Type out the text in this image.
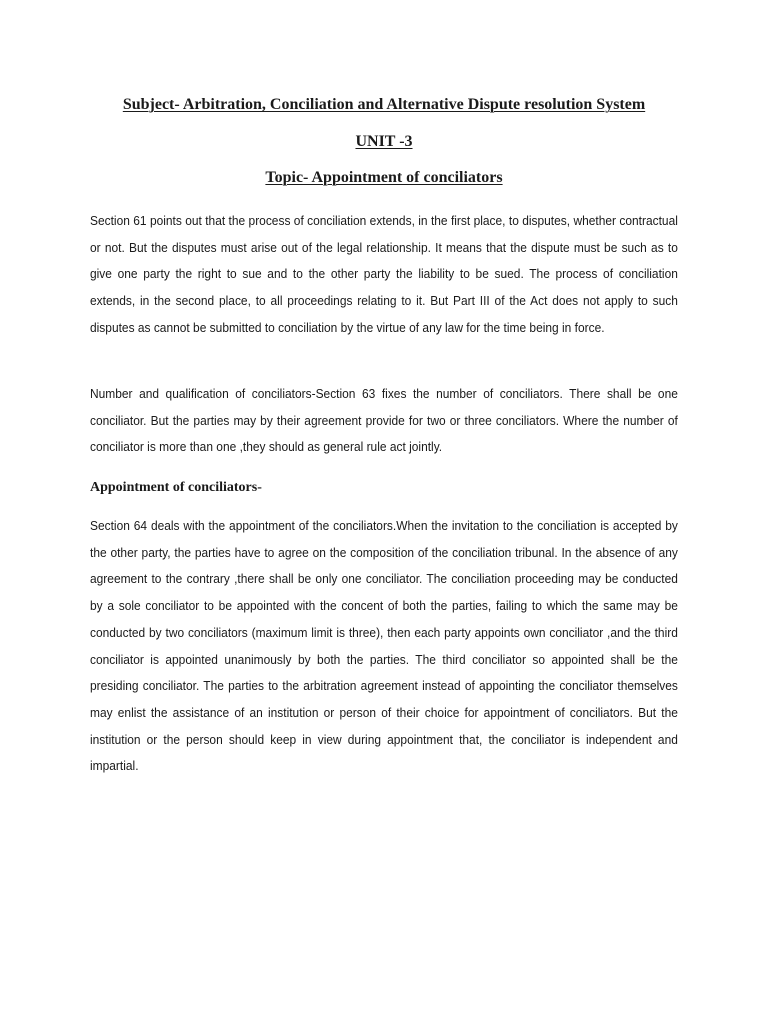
Subject- Arbitration, Conciliation and Alternative Dispute resolution System
UNIT -3
Topic- Appointment of conciliators
Section 61 points out that the process of conciliation extends, in the first place, to disputes, whether contractual or not. But the disputes must arise out of the legal relationship. It means that the dispute must be such as to give one party the right to sue and to the other party the liability to be sued. The process of conciliation extends, in the second place, to all proceedings relating to it. But Part III of the Act does not apply to such disputes as cannot be submitted to conciliation by the virtue of any law for the time being in force.
Number and qualification of conciliators-Section 63 fixes the number of conciliators. There shall be one conciliator. But the parties may by their agreement provide for two or three conciliators. Where the number of conciliator is more than one ,they should as general rule act jointly.
Appointment of conciliators-
Section 64 deals with the appointment of the conciliators.When the invitation to the conciliation is accepted by the other party, the parties have to agree on the composition of the conciliation tribunal. In the absence of any agreement to the contrary ,there shall be only one conciliator. The conciliation proceeding may be conducted by a sole conciliator to be appointed with the concent of both the parties, failing to which the same may be conducted by two conciliators (maximum limit is three), then each party appoints own conciliator ,and the third conciliator is appointed unanimously by both the parties. The third conciliator so appointed shall be the presiding conciliator. The parties to the arbitration agreement instead of appointing the conciliator themselves may enlist the assistance of an institution or person of their choice for appointment of conciliators. But the institution or the person should keep in view during appointment that, the conciliator is independent and impartial.
